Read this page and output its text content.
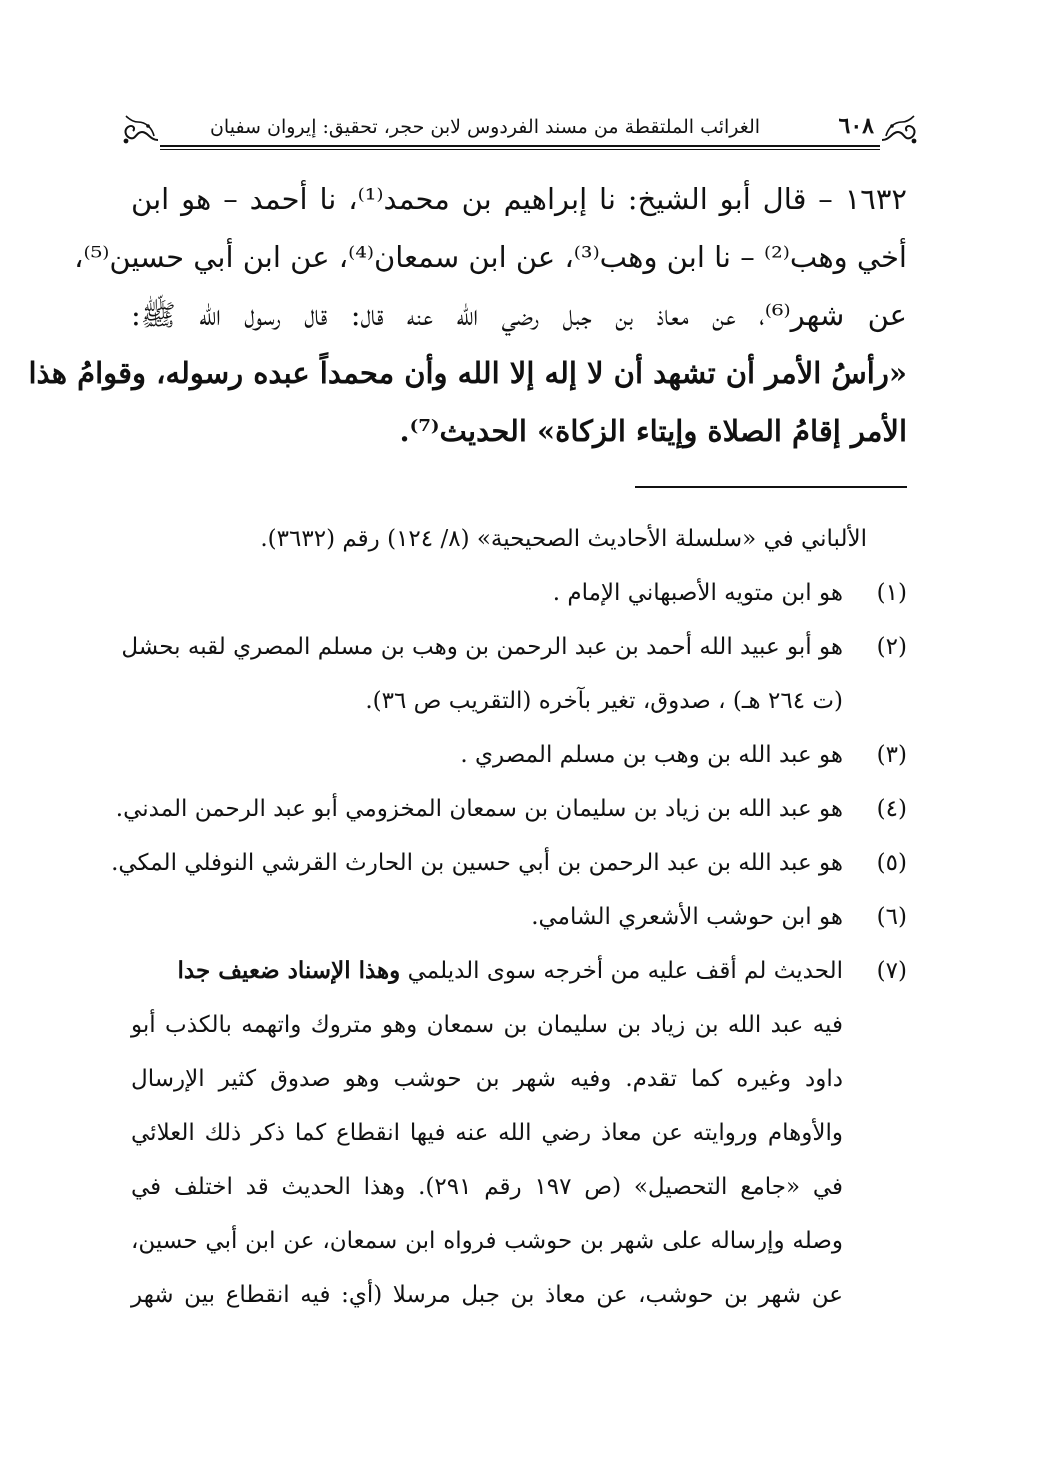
٦٠٨
الغرائب الملتقطة من مسند الفردوس لابن حجر، تحقيق: إيروان سفيان
١٦٣٢ – قال أبو الشيخ: نا إبراهيم بن محمد⁽¹⁾، نا أحمد – هو ابن
أخي وهب⁽²⁾ – نا ابن وهب⁽³⁾، عن ابن سمعان⁽⁴⁾، عن ابن أبي حسين⁽⁵⁾،
عن شهر⁽⁶⁾، عن معاذ بن جبل رضي الله عنه قال: قال رسول الله ﷺ:
«رأسُ الأمر أن تشهد أن لا إله إلا الله وأن محمداً عبده رسوله، وقوامُ هذا
الأمر إقامُ الصلاة وإيتاء الزكاة» الحديث⁽⁷⁾.
الألباني في «سلسلة الأحاديث الصحيحية» (٨/ ١٢٤) رقم (٣٦٣٢).
(١)
هو ابن متويه الأصبهاني الإمام .
(٢)
هو أبو عبيد الله أحمد بن عبد الرحمن بن وهب بن مسلم المصري لقبه بحشل
(ت ٢٦٤ هـ) ، صدوق، تغير بآخره (التقريب ص ٣٦).
(٣)
هو عبد الله بن وهب بن مسلم المصري .
(٤)
هو عبد الله بن زياد بن سليمان بن سمعان المخزومي أبو عبد الرحمن المدني.
(٥)
هو عبد الله بن عبد الرحمن بن أبي حسين بن الحارث القرشي النوفلي المكي.
(٦)
هو ابن حوشب الأشعري الشامي.
(٧)
الحديث لم أقف عليه من أخرجه سوى الديلمي وهذا الإسناد ضعيف جدا
فيه عبد الله بن زياد بن سليمان بن سمعان وهو متروك واتهمه بالكذب أبو
داود وغيره كما تقدم. وفيه شهر بن حوشب وهو صدوق كثير الإرسال
والأوهام وروايته عن معاذ رضي الله عنه فيها انقطاع كما ذكر ذلك العلائي
في «جامع التحصيل» (ص ١٩٧ رقم ٢٩١). وهذا الحديث قد اختلف في
وصله وإرساله على شهر بن حوشب فرواه ابن سمعان، عن ابن أبي حسين،
عن شهر بن حوشب، عن معاذ بن جبل مرسلا (أي: فيه انقطاع بين شهر
